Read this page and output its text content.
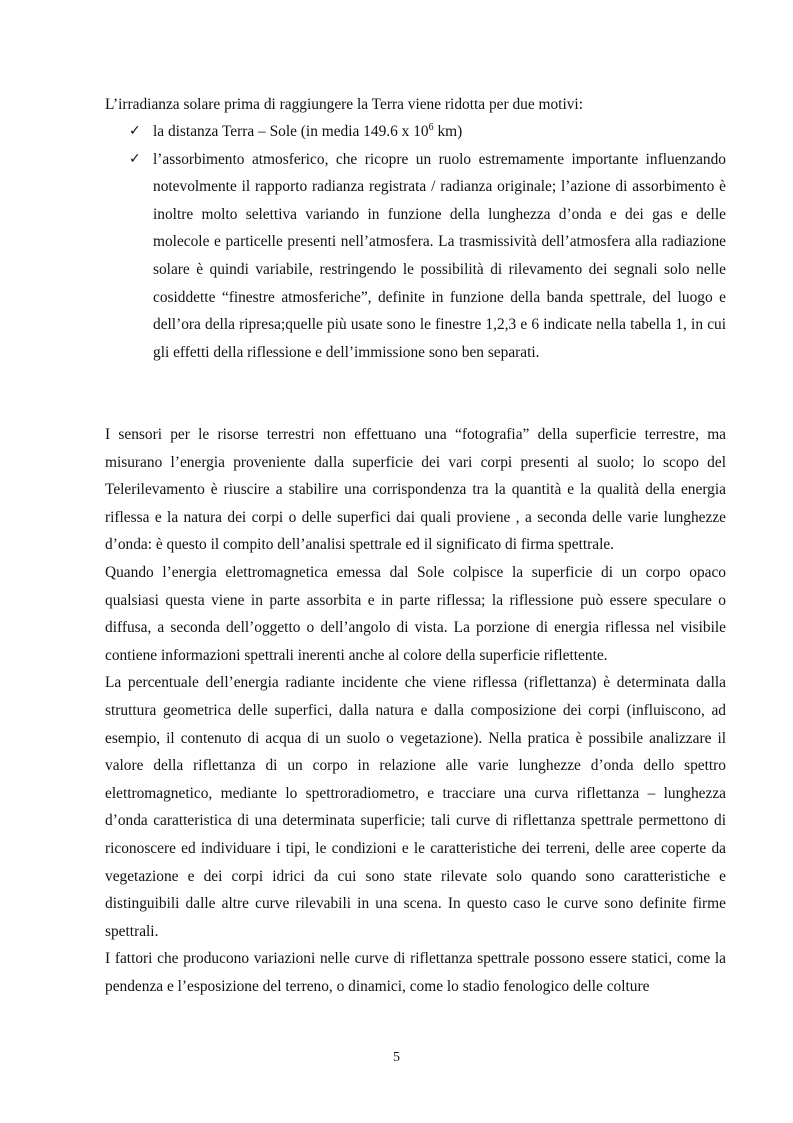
L’irradianza solare prima di raggiungere la Terra viene ridotta per due motivi:

✓ la distanza Terra – Sole (in media 149.6 x $10^6$ km)
✓ l’assorbimento atmosferico, che ricopre un ruolo estremamente importante influenzando notevolmente il rapporto radianza registrata / radianza originale; l’azione di assorbimento è inoltre molto selettiva variando in funzione della lunghezza d’onda e dei gas e delle molecole e particelle presenti nell’atmosfera. La trasmissività dell’atmosfera alla radiazione solare è quindi variabile, restringendo le possibilità di rilevamento dei segnali solo nelle cosiddette “finestre atmosferiche”, definite in funzione della banda spettrale, del luogo e dell’ora della ripresa;quelle più usate sono le finestre 1,2,3 e 6 indicate nella tabella 1, in cui gli effetti della riflessione e dell’immissione sono ben separati.

I sensori per le risorse terrestri non effettuano una “fotografia” della superficie terrestre, ma misurano l’energia proveniente dalla superficie dei vari corpi presenti al suolo; lo scopo del Telerilevamento è riuscire a stabilire una corrispondenza tra la quantità e la qualità della energia riflessa e la natura dei corpi o delle superfici dai quali proviene , a seconda delle varie lunghezze d’onda: è questo il compito dell’analisi spettrale ed il significato di firma spettrale.

Quando l’energia elettromagnetica emessa dal Sole colpisce la superficie di un corpo opaco qualsiasi questa viene in parte assorbita e in parte riflessa; la riflessione può essere speculare o diffusa, a seconda dell’oggetto o dell’angolo di vista. La porzione di energia riflessa nel visibile contiene informazioni spettrali inerenti anche al colore della superficie riflettente.

La percentuale dell’energia radiante incidente che viene riflessa (riflettanza) è determinata dalla struttura geometrica delle superfici, dalla natura e dalla composizione dei corpi (influiscono, ad esempio, il contenuto di acqua di un suolo o vegetazione). Nella pratica è possibile analizzare il valore della riflettanza di un corpo in relazione alle varie lunghezze d’onda dello spettro elettromagnetico, mediante lo spettroradiometro, e tracciare una curva riflettanza – lunghezza d’onda caratteristica di una determinata superficie; tali curve di riflettanza spettrale permettono di riconoscere ed individuare i tipi, le condizioni e le caratteristiche dei terreni, delle aree coperte da vegetazione e dei corpi idrici da cui sono state rilevate solo quando sono caratteristiche e distinguibili dalle altre curve rilevabili in una scena. In questo caso le curve sono definite firme spettrali.

I fattori che producono variazioni nelle curve di riflettanza spettrale possono essere statici, come la pendenza e l’esposizione del terreno, o dinamici, come lo stadio fenologico delle colture

5
